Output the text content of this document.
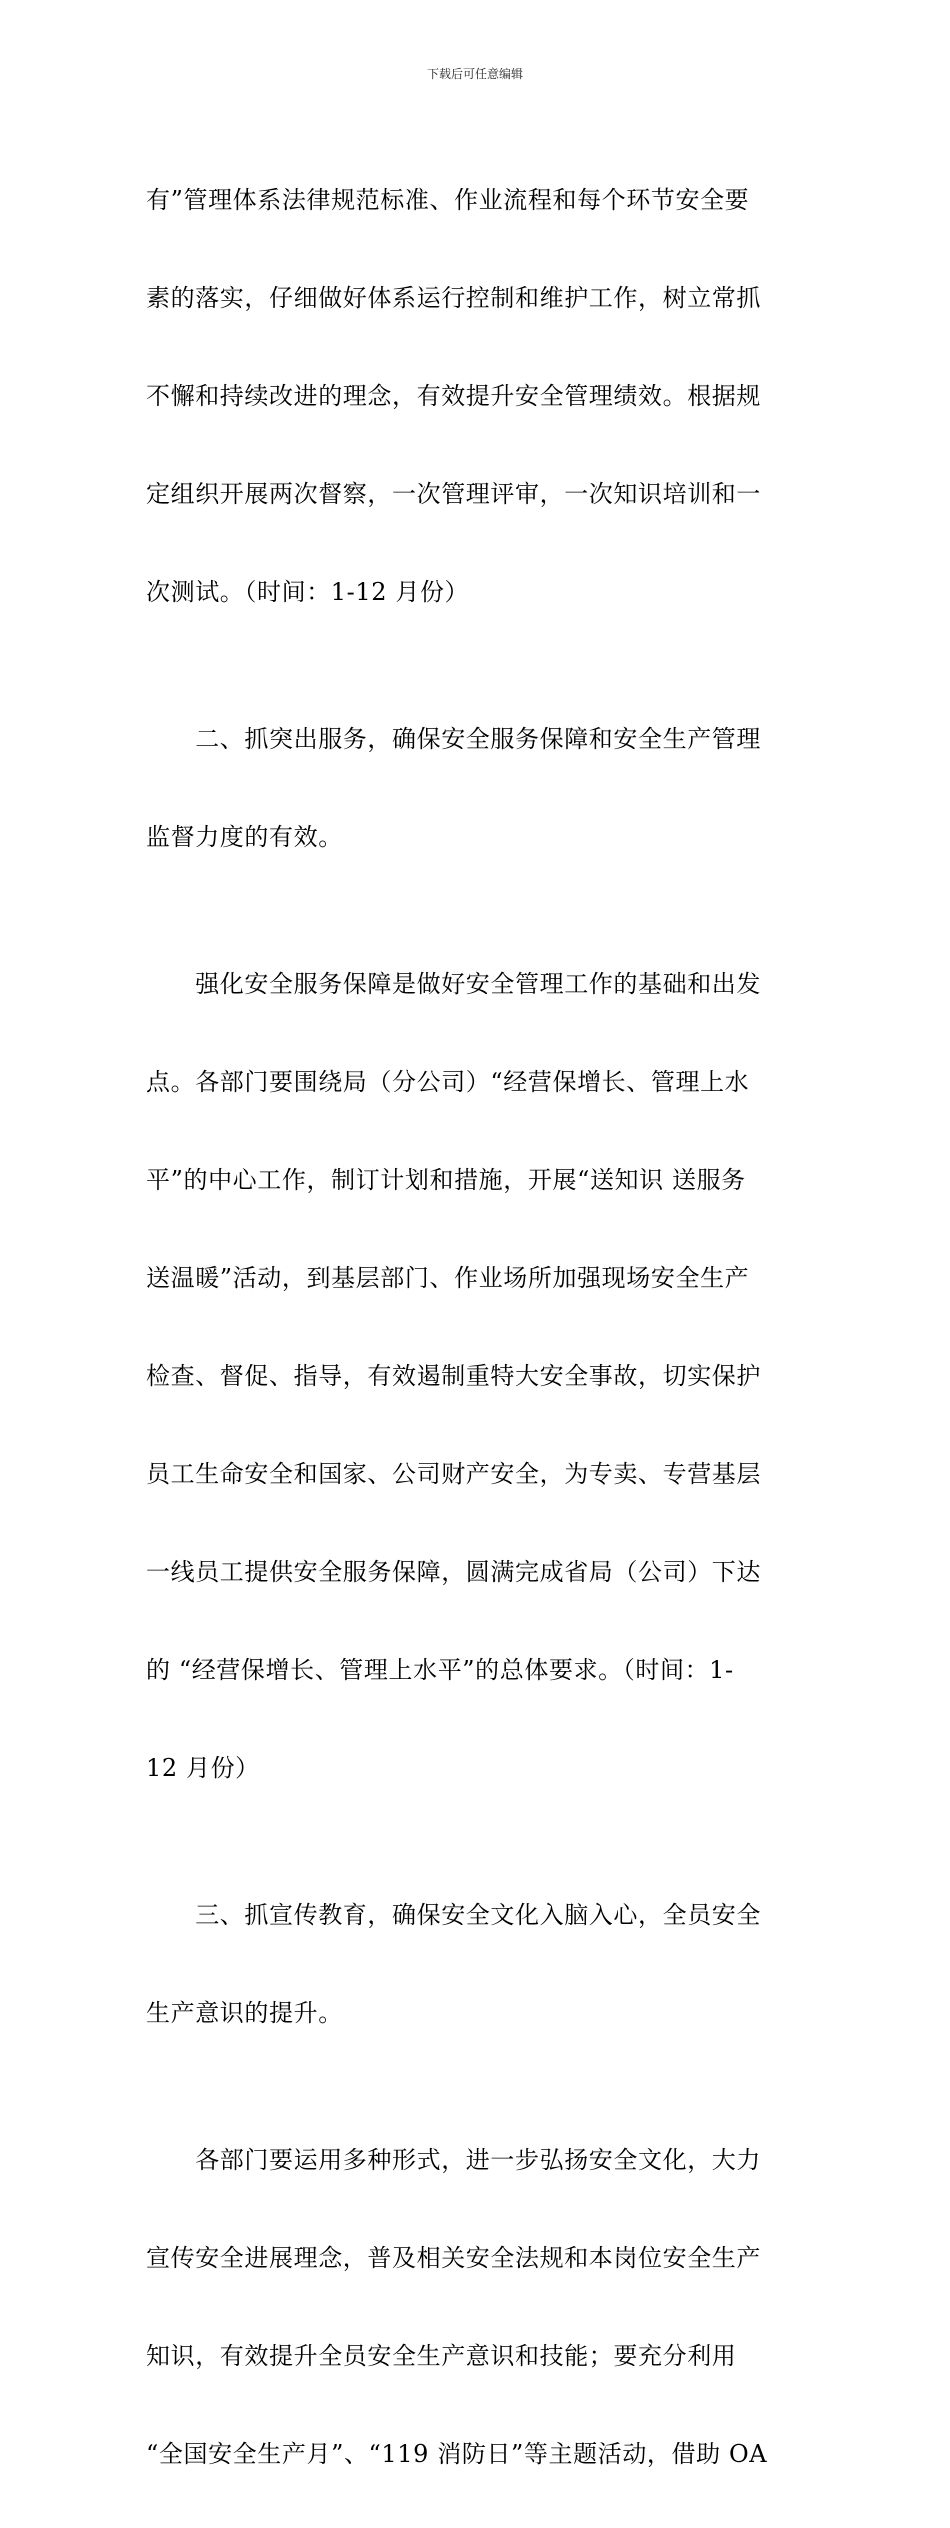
下载后可任意编辑

有”管理体系法律规范标准、作业流程和每个环节安全要

素的落实，仔细做好体系运行控制和维护工作，树立常抓

不懈和持续改进的理念，有效提升安全管理绩效。根据规

定组织开展两次督察，一次管理评审，一次知识培训和一

次测试。（时间：1-12 月份）

　　二、抓突出服务，确保安全服务保障和安全生产管理

监督力度的有效。

　　强化安全服务保障是做好安全管理工作的基础和出发

点。各部门要围绕局（分公司）“经营保增长、管理上水

平”的中心工作，制订计划和措施，开展“送知识 送服务

送温暖”活动，到基层部门、作业场所加强现场安全生产

检查、督促、指导，有效遏制重特大安全事故，切实保护

员工生命安全和国家、公司财产安全，为专卖、专营基层

一线员工提供安全服务保障，圆满完成省局（公司）下达

的 “经营保增长、管理上水平”的总体要求。（时间：1-

12 月份）

　　三、抓宣传教育，确保安全文化入脑入心，全员安全

生产意识的提升。

　　各部门要运用多种形式，进一步弘扬安全文化，大力

宣传安全进展理念，普及相关安全法规和本岗位安全生产

知识，有效提升全员安全生产意识和技能；要充分利用

“全国安全生产月”、“119 消防日”等主题活动，借助 OA
